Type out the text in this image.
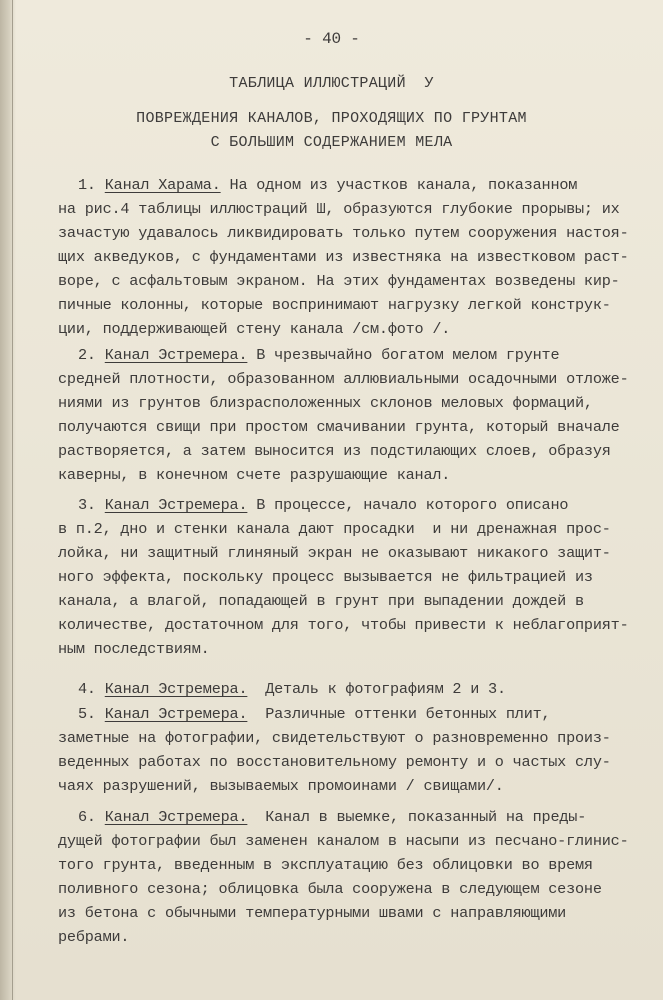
- 40 -
ТАБЛИЦА ИЛЛЮСТРАЦИЙ  У
ПОВРЕЖДЕНИЯ КАНАЛОВ, ПРОХОДЯЩИХ ПО ГРУНТАМ
С БОЛЬШИМ СОДЕРЖАНИЕМ МЕЛА
1. Канал Харама. На одном из участков канала, показанном
на рис.4 таблицы иллюстраций Ш, образуются глубокие прорывы; их
зачастую удавалось ликвидировать только путем сооружения настоя-
щих акведуков, с фундаментами из известняка на известковом раст-
воре, с асфальтовым экраном. На этих фундаментах возведены кир-
пичные колонны, которые воспринимают нагрузку легкой конструк-
ции, поддерживающей стену канала /см.фото /.
2. Канал Эстремера. В чрезвычайно богатом мелом грунте
средней плотности, образованном аллювиальными осадочными отложе-
ниями из грунтов близрасположенных склонов меловых формаций,
получаются свищи при простом смачивании грунта, который вначале
растворяется, а затем выносится из подстилающих слоев, образуя
каверны, в конечном счете разрушающие канал.
3. Канал Эстремера. В процессе, начало которого описано
в п.2, дно и стенки канала дают просадки  и ни дренажная прос-
лойка, ни защитный глиняный экран не оказывают никакого защит-
ного эффекта, поскольку процесс вызывается не фильтрацией из
канала, а влагой, попадающей в грунт при выпадении дождей в
количестве, достаточном для того, чтобы привести к неблагоприят-
ным последствиям.
4. Канал Эстремера.  Деталь к фотографиям 2 и 3.
5. Канал Эстремера.  Различные оттенки бетонных плит,
заметные на фотографии, свидетельствуют о разновременно произ-
веденных работах по восстановительному ремонту и о частых слу-
чаях разрушений, вызываемых промоинами / свищами/.
6. Канал Эстремера.  Канал в выемке, показанный на преды-
дущей фотографии был заменен каналом в насыпи из песчано-глинис-
того грунта, введенным в эксплуатацию без облицовки во время
поливного сезона; облицовка была сооружена в следующем сезоне
из бетона с обычными температурными швами с направляющими
ребрами.
